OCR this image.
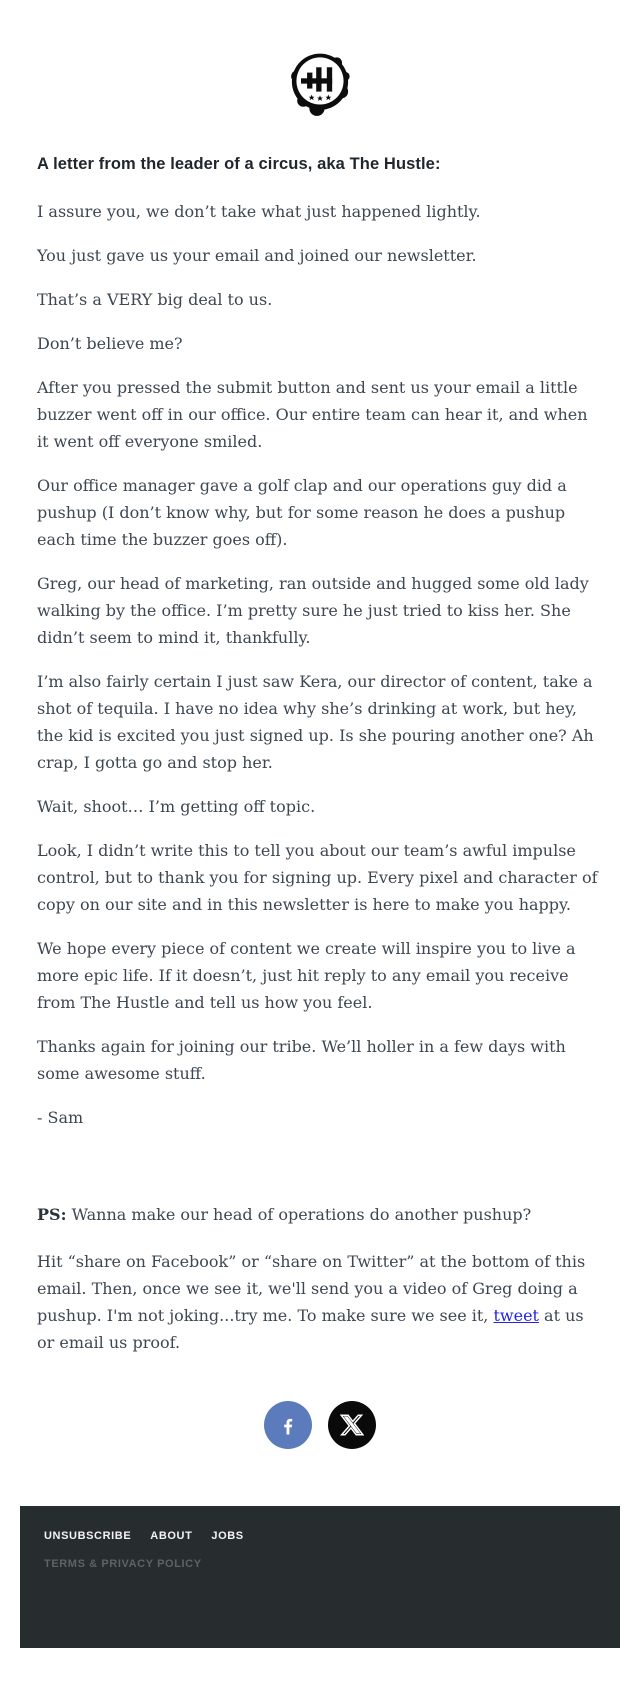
A letter from the leader of a circus, aka The Hustle:

I assure you, we don’t take what just happened lightly.

You just gave us your email and joined our newsletter.

That’s a VERY big deal to us.

Don’t believe me?

After you pressed the submit button and sent us your email a little buzzer went off in our office. Our entire team can hear it, and when it went off everyone smiled.

Our office manager gave a golf clap and our operations guy did a pushup (I don’t know why, but for some reason he does a pushup each time the buzzer goes off).

Greg, our head of marketing, ran outside and hugged some old lady walking by the office. I’m pretty sure he just tried to kiss her. She didn’t seem to mind it, thankfully.

I’m also fairly certain I just saw Kera, our director of content, take a shot of tequila. I have no idea why she’s drinking at work, but hey, the kid is excited you just signed up. Is she pouring another one? Ah crap, I gotta go and stop her.

Wait, shoot… I’m getting off topic.

Look, I didn’t write this to tell you about our team’s awful impulse control, but to thank you for signing up. Every pixel and character of copy on our site and in this newsletter is here to make you happy.

We hope every piece of content we create will inspire you to live a more epic life. If it doesn’t, just hit reply to any email you receive from The Hustle and tell us how you feel.

Thanks again for joining our tribe. We’ll holler in a few days with some awesome stuff.

- Sam

PS: Wanna make our head of operations do another pushup?

Hit “share on Facebook” or “share on Twitter” at the bottom of this email. Then, once we see it, we'll send you a video of Greg doing a pushup. I'm not joking...try me. To make sure we see it, tweet at us or email us proof.

UNSUBSCRIBE ABOUT JOBS
TERMS & PRIVACY POLICY
